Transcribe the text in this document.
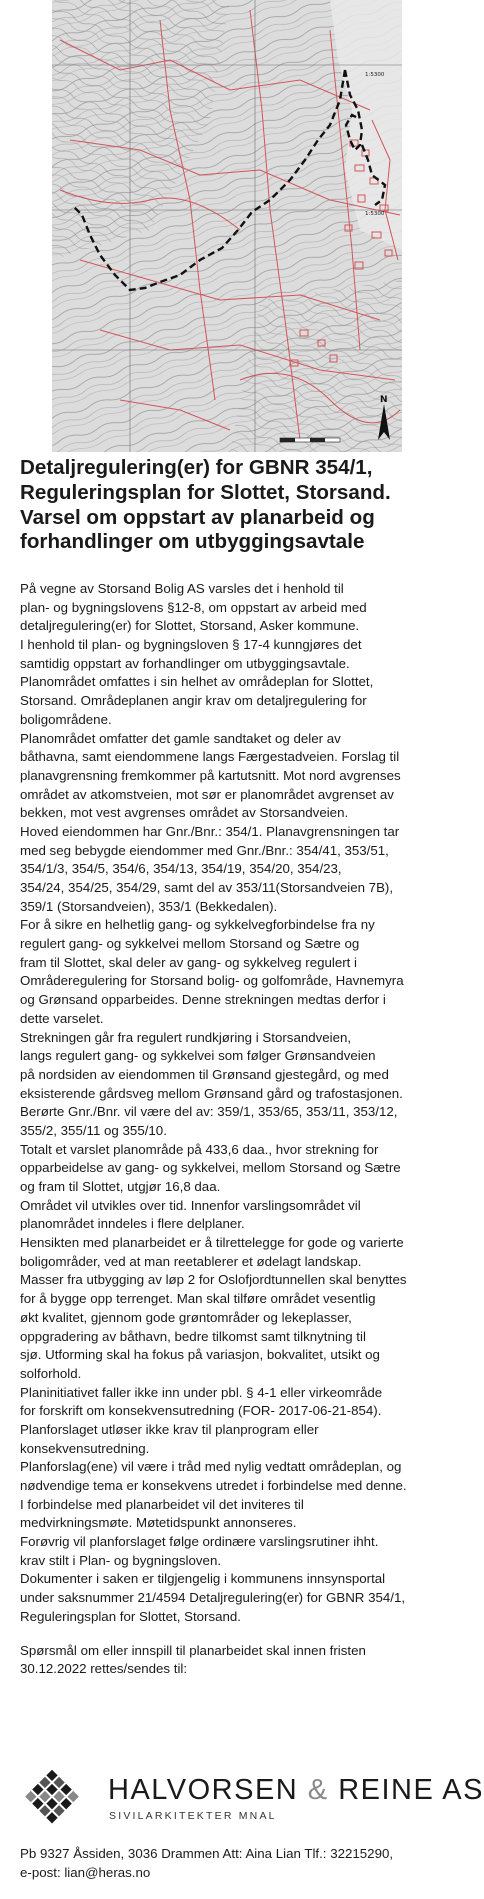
1:5300
1:5300
N
Detaljregulering(er) for GBNR 354/1,
Reguleringsplan for Slottet, Storsand.
Varsel om oppstart av planarbeid og
forhandlinger om utbyggingsavtale
På vegne av Storsand Bolig AS varsles det i henhold til
plan- og bygningslovens §12-8, om oppstart av arbeid med
detaljregulering(er) for Slottet, Storsand, Asker kommune.
I henhold til plan- og bygningsloven § 17-4 kunngjøres det
samtidig oppstart av forhandlinger om utbyggingsavtale.
Planområdet omfattes i sin helhet av områdeplan for Slottet,
Storsand. Områdeplanen angir krav om detaljregulering for
boligområdene.
Planområdet omfatter det gamle sandtaket og deler av
båthavna, samt eiendommene langs Færgestadveien. Forslag til
planavgrensning fremkommer på kartutsnitt. Mot nord avgrenses
området av atkomstveien, mot sør er planområdet avgrenset av
bekken, mot vest avgrenses området av Storsandveien.
Hoved eiendommen har Gnr./Bnr.: 354/1. Planavgrensningen tar
med seg bebygde eiendommer med Gnr./Bnr.: 354/41, 353/51,
354/1/3, 354/5, 354/6, 354/13, 354/19, 354/20, 354/23,
354/24, 354/25, 354/29, samt del av 353/11(Storsandveien 7B),
359/1 (Storsandveien), 353/1 (Bekkedalen).
For å sikre en helhetlig gang- og sykkelvegforbindelse fra ny
regulert gang- og sykkelvei mellom Storsand og Sætre og
fram til Slottet, skal deler av gang- og sykkelveg regulert i
Områderegulering for Storsand bolig- og golfområde, Havnemyra
og Grønsand opparbeides. Denne strekningen medtas derfor i
dette varselet.
Strekningen går fra regulert rundkjøring i Storsandveien,
langs regulert gang- og sykkelvei som følger Grønsandveien
på nordsiden av eiendommen til Grønsand gjestegård, og med
eksisterende gårdsveg mellom Grønsand gård og trafostasjonen.
Berørte Gnr./Bnr. vil være del av: 359/1, 353/65, 353/11, 353/12,
355/2, 355/11 og 355/10.
Totalt et varslet planområde på 433,6 daa., hvor strekning for
opparbeidelse av gang- og sykkelvei, mellom Storsand og Sætre
og fram til Slottet, utgjør 16,8 daa.
Området vil utvikles over tid. Innenfor varslingsområdet vil
planområdet inndeles i flere delplaner.
Hensikten med planarbeidet er å tilrettelegge for gode og varierte
boligområder, ved at man reetablerer et ødelagt landskap.
Masser fra utbygging av løp 2 for Oslofjordtunnellen skal benyttes
for å bygge opp terrenget. Man skal tilføre området vesentlig
økt kvalitet, gjennom gode grøntområder og lekeplasser,
oppgradering av båthavn, bedre tilkomst samt tilknytning til
sjø. Utforming skal ha fokus på variasjon, bokvalitet, utsikt og
solforhold.
Planinitiativet faller ikke inn under pbl. § 4-1 eller virkeområde
for forskrift om konsekvensutredning (FOR- 2017-06-21-854).
Planforslaget utløser ikke krav til planprogram eller
konsekvensutredning.
Planforslag(ene) vil være i tråd med nylig vedtatt områdeplan, og
nødvendige tema er konsekvens utredet i forbindelse med denne.
I forbindelse med planarbeidet vil det inviteres til
medvirkningsmøte. Møtetidspunkt annonseres.
Forøvrig vil planforslaget følge ordinære varslingsrutiner ihht.
krav stilt i Plan- og bygningsloven.
Dokumenter i saken er tilgjengelig i kommunens innsynsportal
under saksnummer 21/4594 Detaljregulering(er) for GBNR 354/1,
Reguleringsplan for Slottet, Storsand.
Spørsmål om eller innspill til planarbeidet skal innen fristen
30.12.2022 rettes/sendes til:
HALVORSEN & REINE AS
SIVILARKITEKTER MNAL
Pb 9327 Åssiden, 3036 Drammen Att: Aina Lian Tlf.: 32215290,
e-post: lian@heras.no
